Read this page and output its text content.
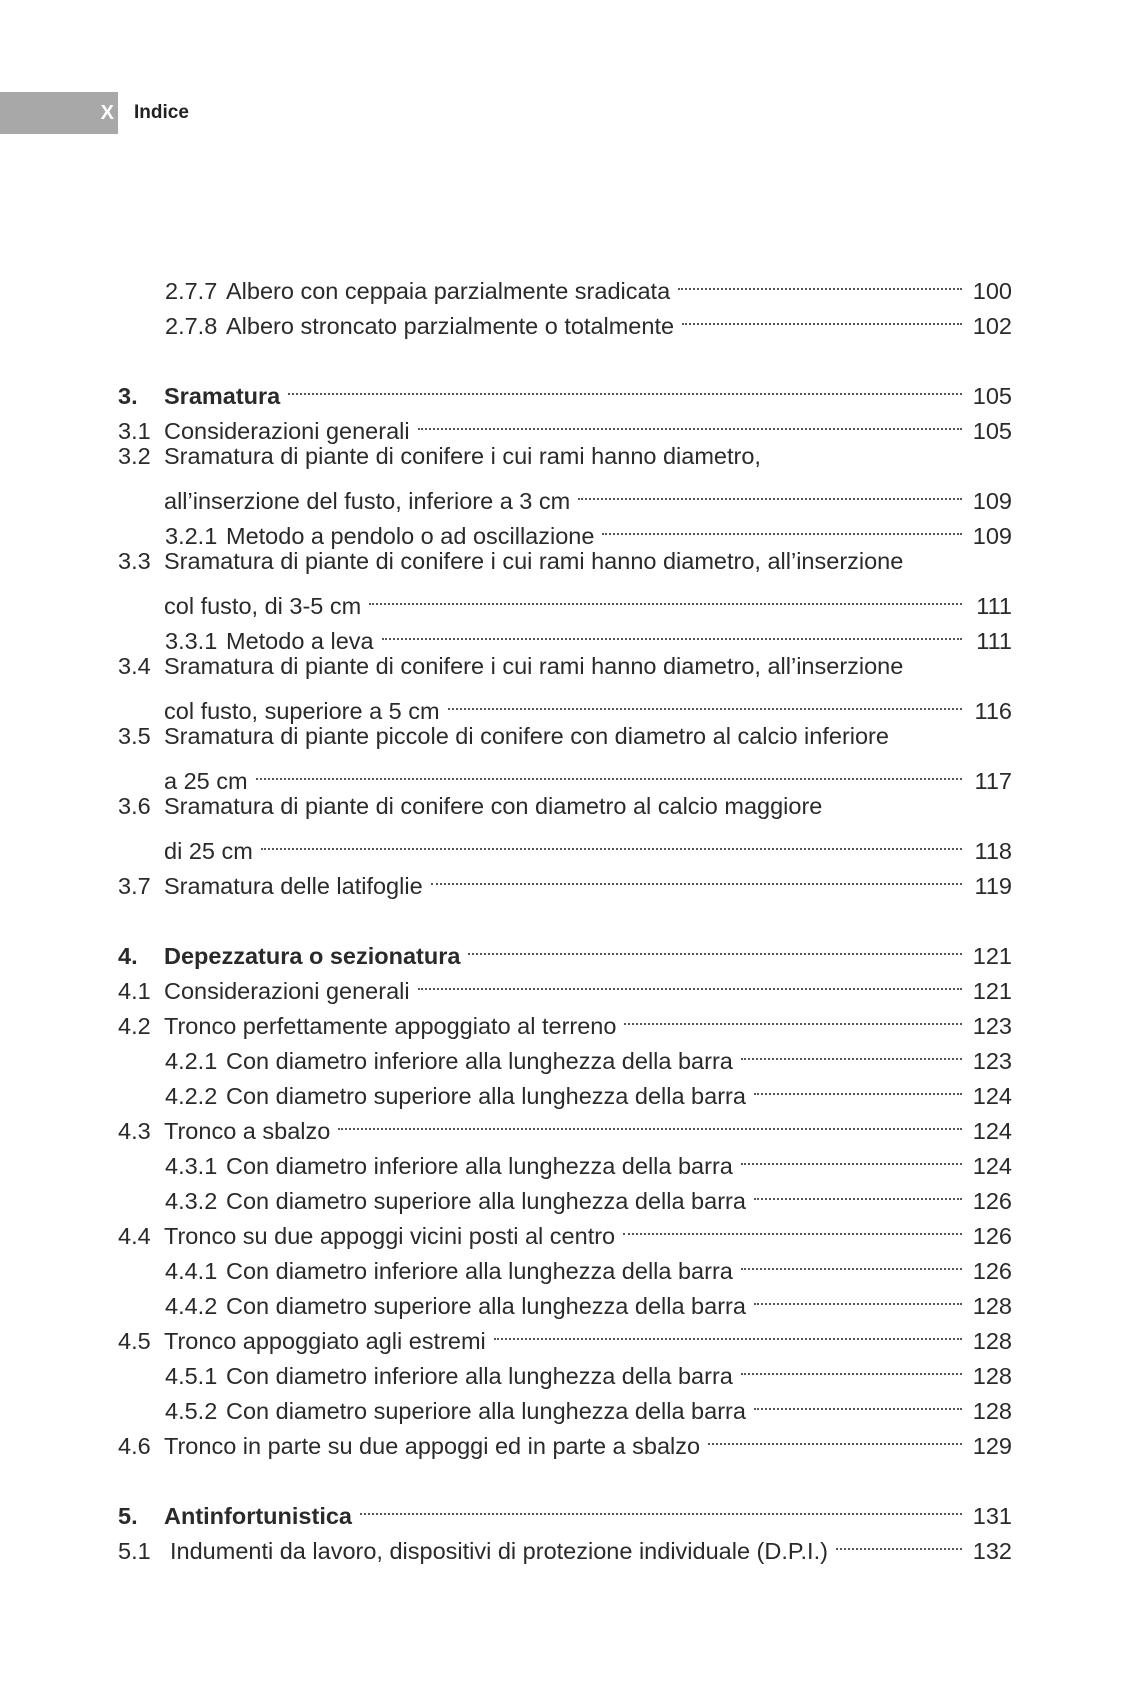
X Indice
2.7.7 Albero con ceppaia parzialmente sradicata	100
2.7.8 Albero stroncato parzialmente o totalmente	102
3.	Sramatura	105
3.1 Considerazioni generali	105
3.2 Sramatura di piante di conifere i cui rami hanno diametro,
all’inserzione del fusto, inferiore a 3 cm	109
3.2.1 Metodo a pendolo o ad oscillazione	109
3.3 Sramatura di piante di conifere i cui rami hanno diametro, all’inserzione
col fusto, di 3-5 cm	111
3.3.1 Metodo a leva	111
3.4 Sramatura di piante di conifere i cui rami hanno diametro, all’inserzione
col fusto, superiore a 5 cm	116
3.5 Sramatura di piante piccole di conifere con diametro al calcio inferiore
a 25 cm	117
3.6 Sramatura di piante di conifere con diametro al calcio maggiore
di 25 cm	118
3.7 Sramatura delle latifoglie	119
4.	Depezzatura o sezionatura	121
4.1 Considerazioni generali	121
4.2 Tronco perfettamente appoggiato al terreno	123
4.2.1 Con diametro inferiore alla lunghezza della barra	123
4.2.2 Con diametro superiore alla lunghezza della barra	124
4.3 Tronco a sbalzo	124
4.3.1 Con diametro inferiore alla lunghezza della barra	124
4.3.2 Con diametro superiore alla lunghezza della barra	126
4.4 Tronco su due appoggi vicini posti al centro	126
4.4.1 Con diametro inferiore alla lunghezza della barra	126
4.4.2 Con diametro superiore alla lunghezza della barra	128
4.5 Tronco appoggiato agli estremi	128
4.5.1 Con diametro inferiore alla lunghezza della barra	128
4.5.2 Con diametro superiore alla lunghezza della barra	128
4.6 Tronco in parte su due appoggi ed in parte a sbalzo	129
5.	Antinfortunistica	131
5.1 Indumenti da lavoro, dispositivi di protezione individuale (D.P.I.)	132
